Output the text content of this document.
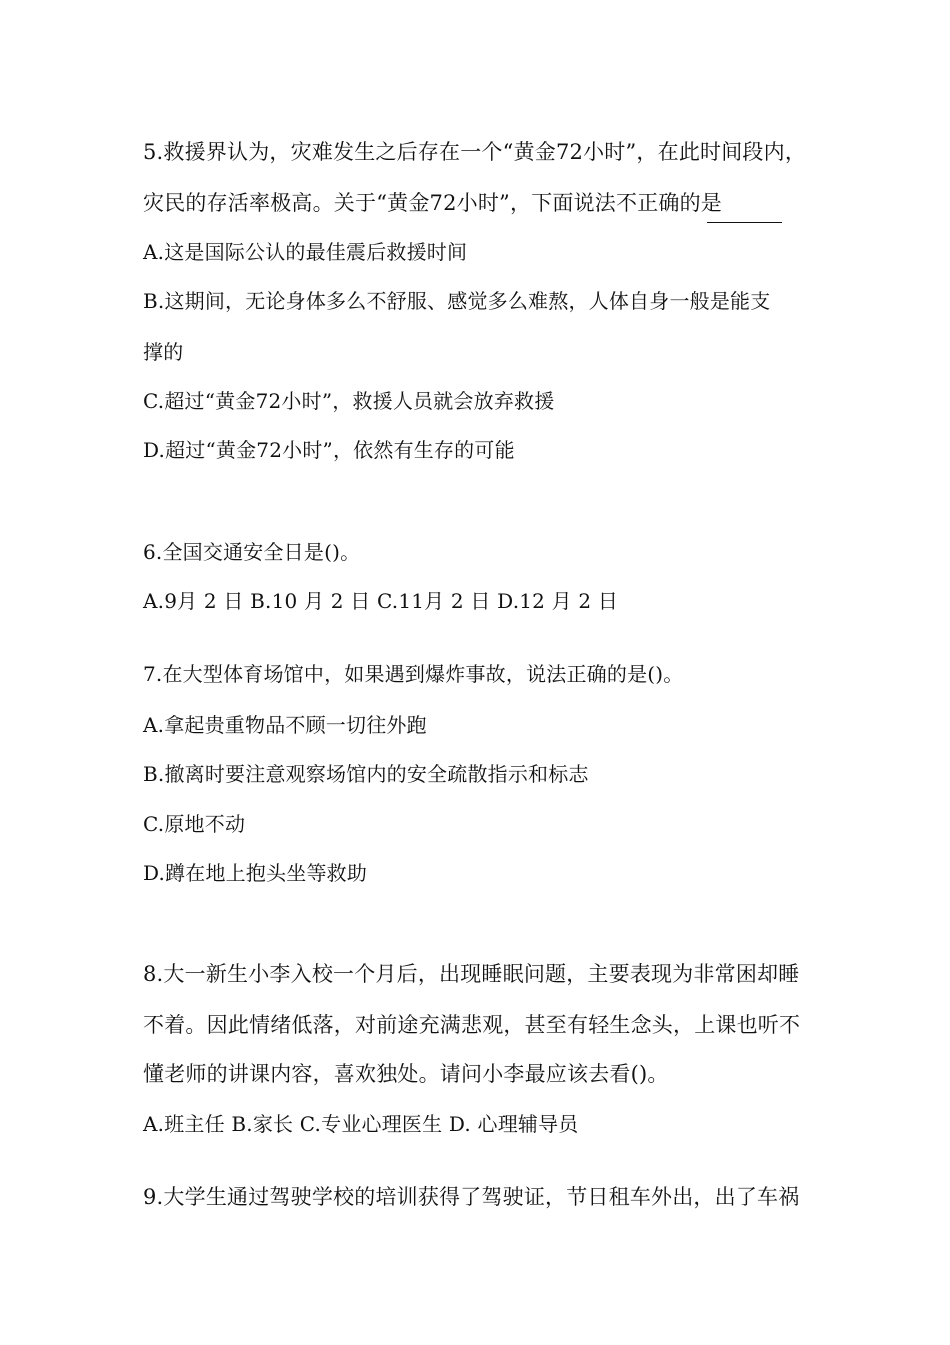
5.救援界认为，灾难发生之后存在一个“黄金72小时”，在此时间段内，
灾民的存活率极高。关于“黄金72小时”，下面说法不正确的是
A.这是国际公认的最佳震后救援时间
B.这期间，无论身体多么不舒服、感觉多么难熬，人体自身一般是能支
撑的
C.超过“黄金72小时”，救援人员就会放弃救援
D.超过“黄金72小时”，依然有生存的可能
6.全国交通安全日是()。
A.9月 2 日 B.10 月 2 日 C.11月 2 日 D.12 月 2 日
7.在大型体育场馆中，如果遇到爆炸事故，说法正确的是()。
A.拿起贵重物品不顾一切往外跑
B.撤离时要注意观察场馆内的安全疏散指示和标志
C.原地不动
D.蹲在地上抱头坐等救助
8.大一新生小李入校一个月后，出现睡眠问题，主要表现为非常困却睡
不着。因此情绪低落，对前途充满悲观，甚至有轻生念头，上课也听不
懂老师的讲课内容，喜欢独处。请问小李最应该去看()。
A.班主任 B.家长 C.专业心理医生 D. 心理辅导员
9.大学生通过驾驶学校的培训获得了驾驶证，节日租车外出，出了车祸
